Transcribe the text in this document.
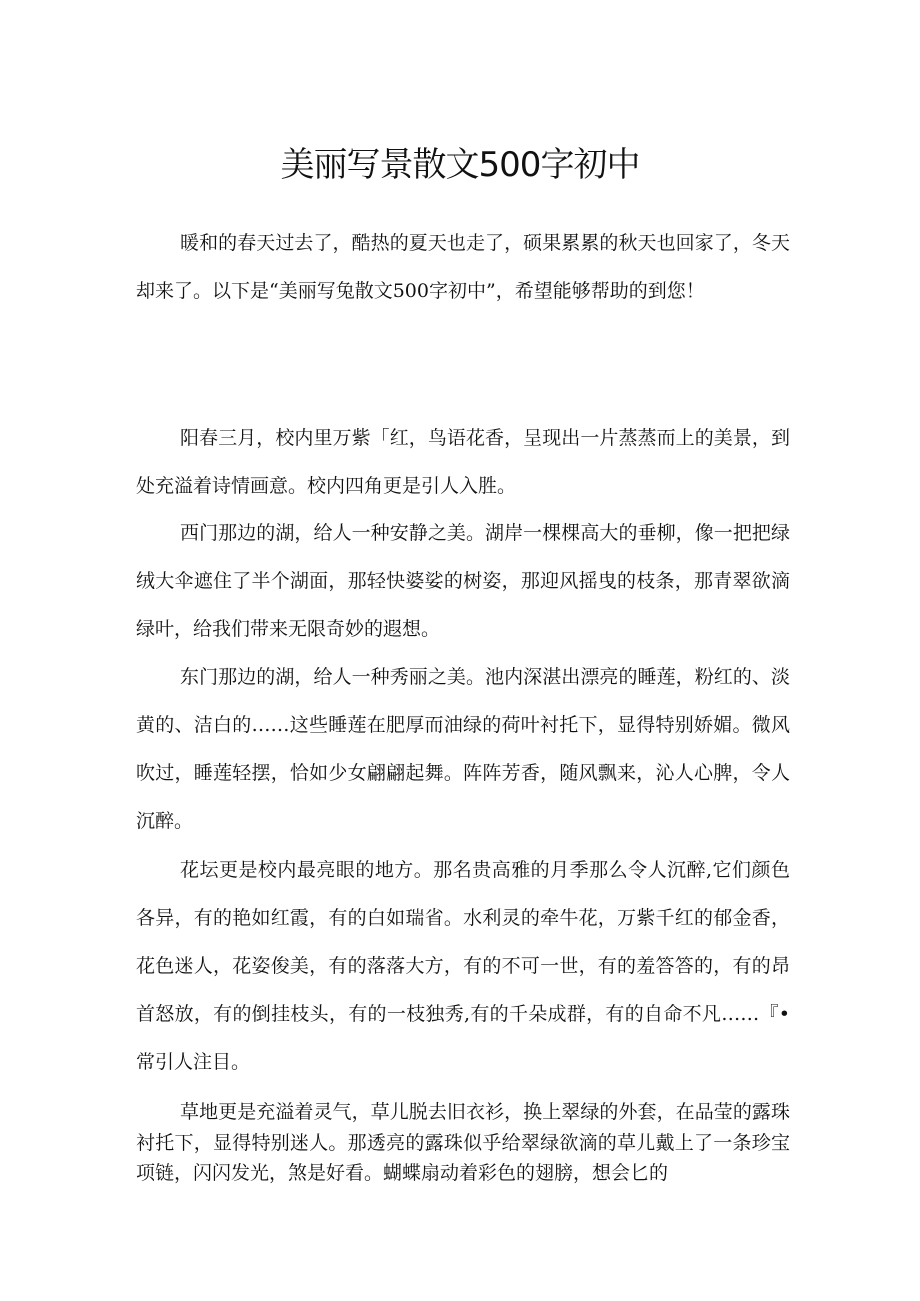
美丽写景散文500字初中

暖和的春天过去了，酷热的夏天也走了，硕果累累的秋天也回家了，冬天却来了。以下是“美丽写兔散文500字初中”，希望能够帮助的到您！

阳春三月，校内里万紫「红，鸟语花香，呈现出一片蒸蒸而上的美景，到处充溢着诗情画意。校内四角更是引人入胜。

西门那边的湖，给人一种安静之美。湖岸一棵棵高大的垂柳，像一把把绿绒大伞遮住了半个湖面，那轻快婆娑的树姿，那迎风摇曳的枝条，那青翠欲滴绿叶，给我们带来无限奇妙的遐想。

东门那边的湖，给人一种秀丽之美。池内深湛出漂亮的睡莲，粉红的、淡黄的、洁白的……这些睡莲在肥厚而油绿的荷叶衬托下，显得特别娇媚。微风吹过，睡莲轻摆，恰如少女翩翩起舞。阵阵芳香，随风飘来，沁人心脾，令人沉醉。

花坛更是校内最亮眼的地方。那名贵高雅的月季那么令人沉醉,它们颜色各异，有的艳如红霞，有的白如瑞省。水利灵的牵牛花，万紫千红的郁金香，花色迷人，花姿俊美，有的落落大方，有的不可一世，有的羞答答的，有的昂首怒放，有的倒挂枝头，有的一枝独秀,有的千朵成群，有的自命不凡……『•常引人注目。

草地更是充溢着灵气，草儿脱去旧衣衫，换上翠绿的外套，在品莹的露珠衬托下，显得特别迷人。那透亮的露珠似乎给翠绿欲滴的草儿戴上了一条珍宝项链，闪闪发光，煞是好看。蝴蝶扇动着彩色的翅膀，想会匕的
